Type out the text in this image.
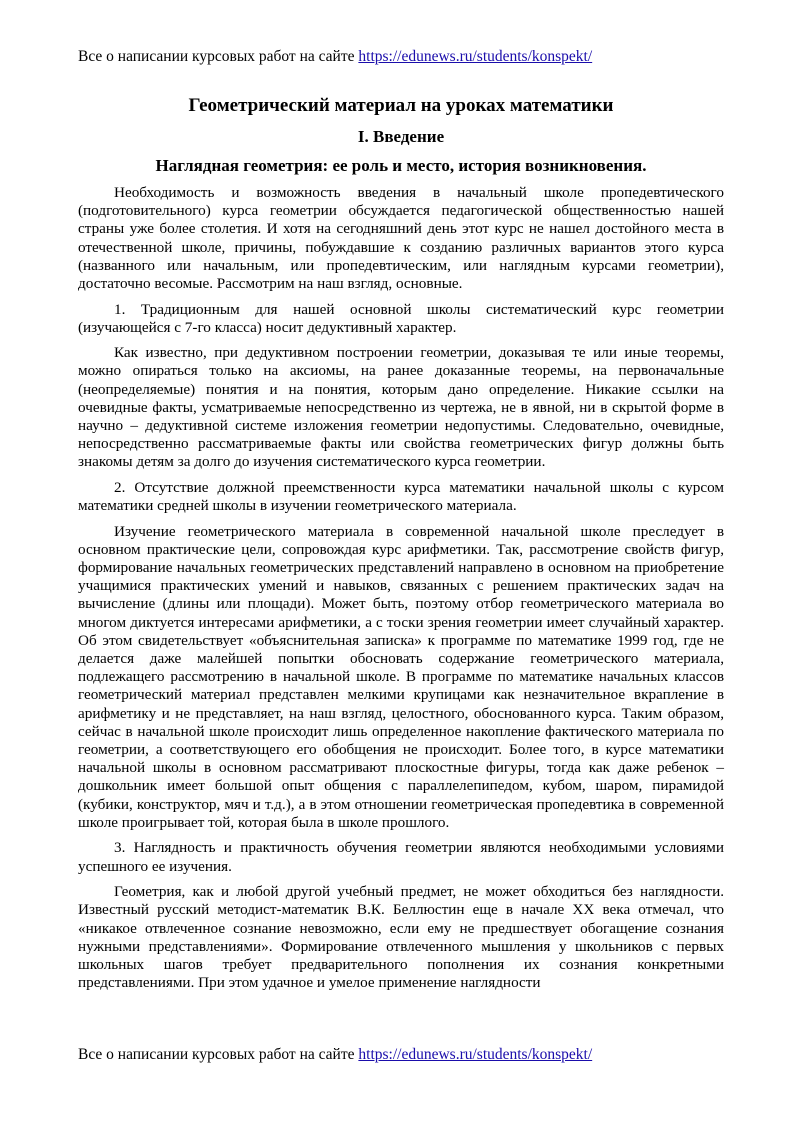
Все о написании курсовых работ на сайте https://edunews.ru/students/konspekt/
Геометрический материал на уроках математики
I. Введение
Наглядная геометрия: ее роль и место, история возникновения.

Необходимость и возможность введения в начальный школе пропедевтического (подготовительного) курса геометрии обсуждается педагогической общественностью нашей страны уже более столетия. И хотя на сегодняшний день этот курс не нашел достойного места в отечественной школе, причины, побуждавшие к созданию различных вариантов этого курса (названного или начальным, или пропедевтическим, или наглядным курсами геометрии), достаточно весомые. Рассмотрим на наш взгляд, основные.

1. Традиционным для нашей основной школы систематический курс геометрии (изучающейся с 7-го класса) носит дедуктивный характер.

Как известно, при дедуктивном построении геометрии, доказывая те или иные теоремы, можно опираться только на аксиомы, на ранее доказанные теоремы, на первоначальные (неопределяемые) понятия и на понятия, которым дано определение. Никакие ссылки на очевидные факты, усматриваемые непосредственно из чертежа, не в явной, ни в скрытой форме в научно – дедуктивной системе изложения геометрии недопустимы. Следовательно, очевидные, непосредственно рассматриваемые факты или свойства геометрических фигур должны быть знакомы детям за долго до изучения систематического курса геометрии.

2. Отсутствие должной преемственности курса математики начальной школы с курсом математики средней школы в изучении геометрического материала.

Изучение геометрического материала в современной начальной школе преследует в основном практические цели, сопровождая курс арифметики. Так, рассмотрение свойств фигур, формирование начальных геометрических представлений направлено в основном на приобретение учащимися практических умений и навыков, связанных с решением практических задач на вычисление (длины или площади). Может быть, поэтому отбор геометрического материала во многом диктуется интересами арифметики, а с тоски зрения геометрии имеет случайный характер. Об этом свидетельствует «объяснительная записка» к программе по математике 1999 год, где не делается даже малейшей попытки обосновать содержание геометрического материала, подлежащего рассмотрению в начальной школе. В программе по математике начальных классов геометрический материал представлен мелкими крупицами как незначительное вкрапление в арифметику и не представляет, на наш взгляд, целостного, обоснованного курса. Таким образом, сейчас в начальной школе происходит лишь определенное накопление фактического материала по геометрии, а соответствующего его обобщения не происходит. Более того, в курсе математики начальной школы в основном рассматривают плоскостные фигуры, тогда как даже ребенок – дошкольник имеет большой опыт общения с параллелепипедом, кубом, шаром, пирамидой (кубики, конструктор, мяч и т.д.), а в этом отношении геометрическая пропедевтика в современной школе проигрывает той, которая была в школе прошлого.

3. Наглядность и практичность обучения геометрии являются необходимыми условиями успешного ее изучения.

Геометрия, как и любой другой учебный предмет, не может обходиться без наглядности. Известный русский методист-математик В.К. Беллюстин еще в начале XX века отмечал, что «никакое отвлеченное сознание невозможно, если ему не предшествует обогащение сознания нужными представлениями». Формирование отвлеченного мышления у школьников с первых школьных шагов требует предварительного пополнения их сознания конкретными представлениями. При этом удачное и умелое применение наглядности

Все о написании курсовых работ на сайте https://edunews.ru/students/konspekt/
